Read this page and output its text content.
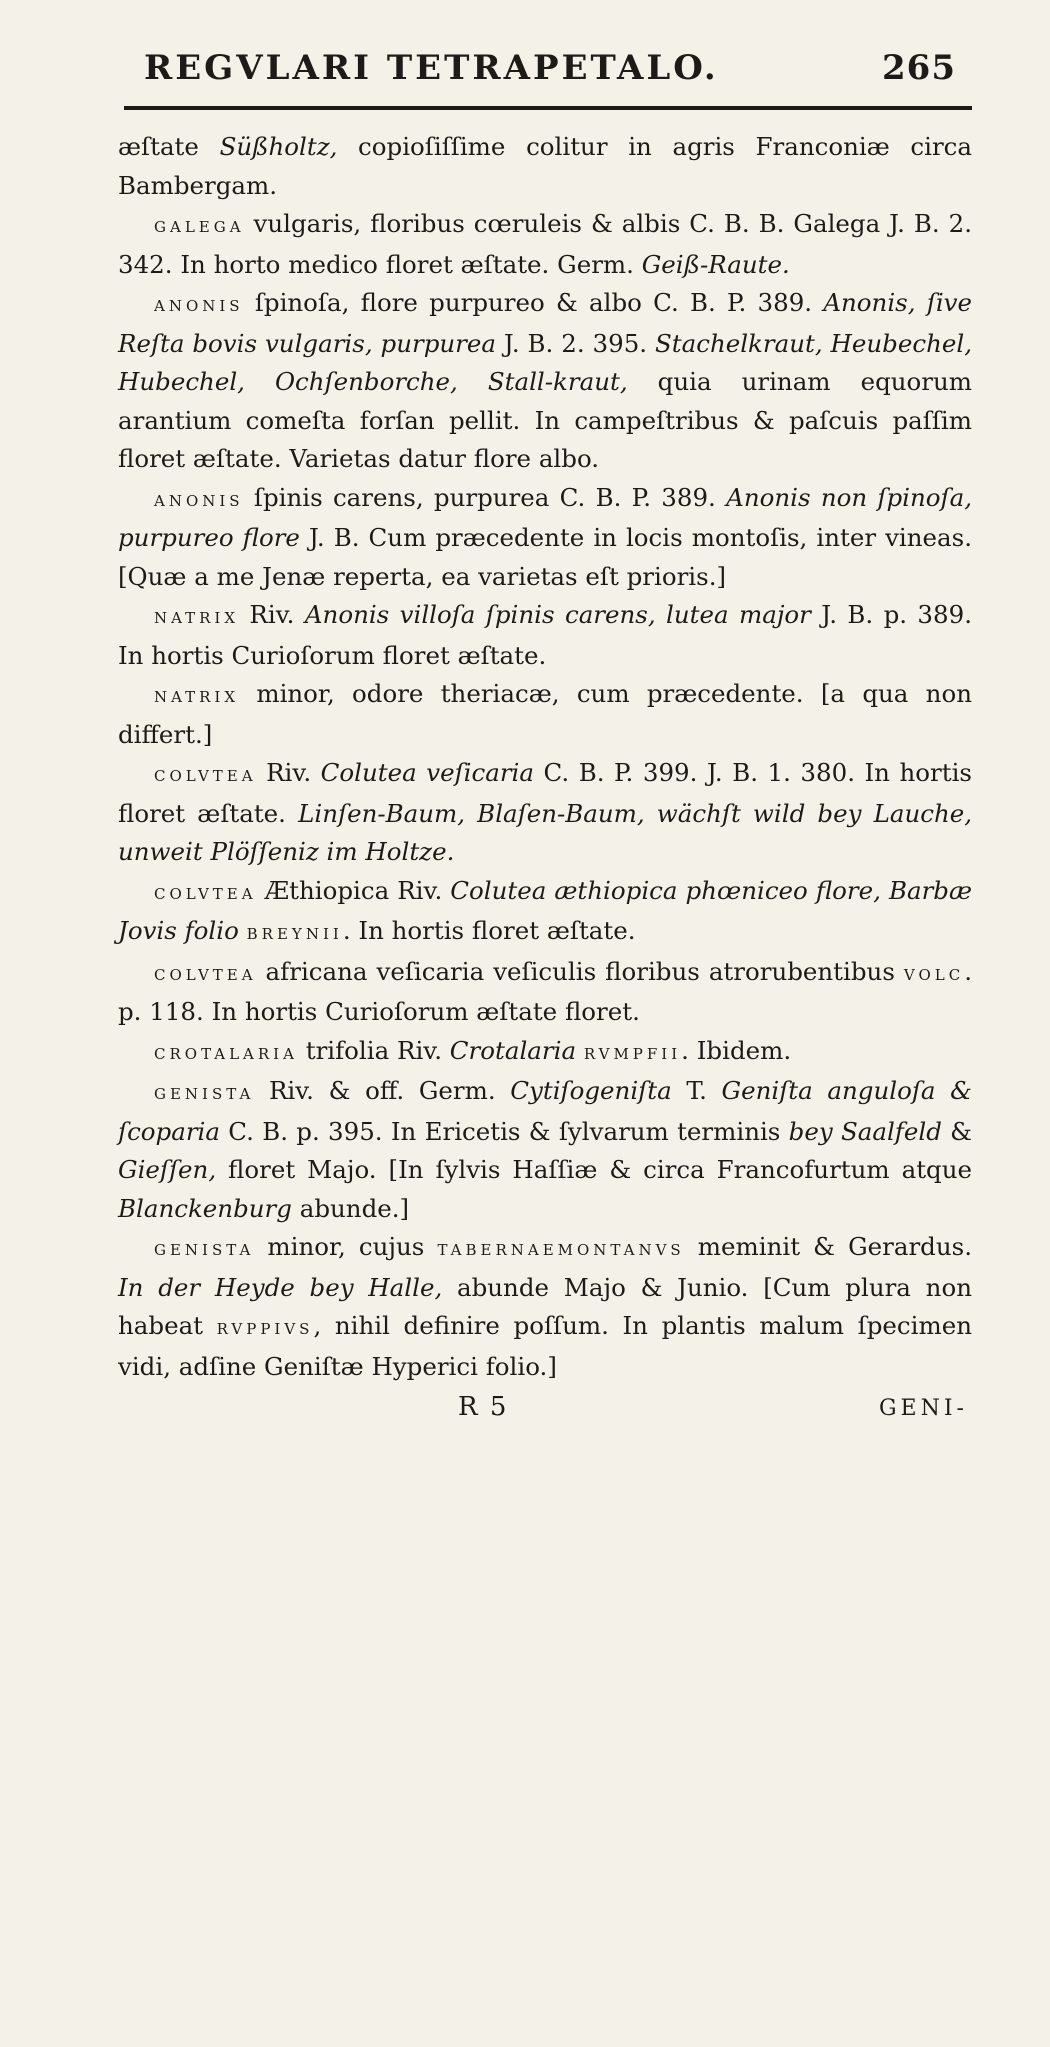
REGVLARI TETRAPETALO.	265

æſtate Süßholtz, copioſiſſime colitur in agris Franconiæ circa Bambergam.

galega vulgaris, floribus cœruleis & albis C. B. B. Galega J. B. 2. 342. In horto medico floret æſtate. Germ. Geiß-Raute.

anonis ſpinoſa, flore purpureo & albo C. B. P. 389. Anonis, ſive Reſta bovis vulgaris, purpurea J. B. 2. 395. Stachelkraut, Heubechel, Hubechel, Ochſenborche, Stall-kraut, quia urinam equorum arantium comeſta forſan pellit. In campeſtribus & paſcuis paſſim floret æſtate. Varietas datur flore albo.

anonis ſpinis carens, purpurea C. B. P. 389. Anonis non ſpinoſa, purpureo flore J. B. Cum præcedente in locis montoſis, inter vineas. [Quæ a me Jenæ reperta, ea varietas eſt prioris.]

natrix Riv. Anonis villoſa ſpinis carens, lutea major J. B. p. 389. In hortis Curioſorum floret æſtate.

natrix minor, odore theriacæ, cum præcedente. [a qua non differt.]

colvtea Riv. Colutea veſicaria C. B. P. 399. J. B. 1. 380. In hortis floret æſtate. Linſen-Baum, Blaſen-Baum, wächſt wild bey Lauche, unweit Plöſſeniz im Holtze.

colvtea Æthiopica Riv. Colutea æthiopica phœniceo flore, Barbæ Jovis folio breynii. In hortis floret æſtate.

colvtea africana veſicaria veſiculis floribus atrorubentibus volc. p. 118. In hortis Curioſorum æſtate floret.

crotalaria trifolia Riv. Crotalaria rvmpfii. Ibidem.

genista Riv. & off. Germ. Cytiſogeniſta T. Geniſta anguloſa & ſcoparia C. B. p. 395. In Ericetis & ſylvarum terminis bey Saalfeld & Gieſſen, floret Majo. [In ſylvis Haſſiæ & circa Francofurtum atque Blanckenburg abunde.]

genista minor, cujus tabernaemontanvs meminit & Gerardus. In der Heyde bey Halle, abunde Majo & Junio. [Cum plura non habeat rvppivs, nihil definire poſſum. In plantis malum ſpecimen vidi, adſine Geniſtæ Hyperici folio.]

R 5	GENI-
